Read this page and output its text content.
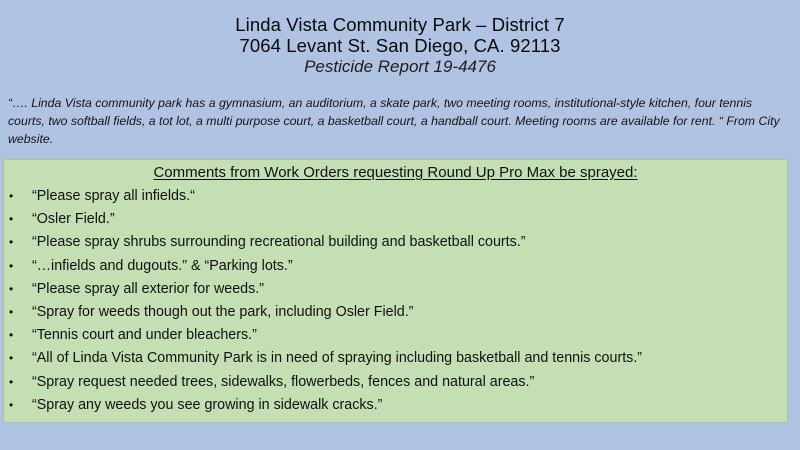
Linda Vista Community Park – District 7
7064 Levant St. San Diego, CA. 92113
Pesticide Report 19-4476
“…. Linda Vista community park has a gymnasium, an auditorium, a skate park, two meeting rooms, institutional-style kitchen, four tennis courts, two softball fields, a tot lot, a multi purpose court, a basketball court, a handball court. Meeting rooms are available for rent. “ From City website.
Comments from Work Orders requesting Round Up Pro Max be sprayed:
• “Please spray all infields.“
• “Osler Field.”
• “Please spray shrubs surrounding recreational building and basketball courts.”
• “…infields and dugouts.” & “Parking lots.”
• “Please spray all exterior for weeds.”
• “Spray for weeds though out the park, including Osler Field.”
• “Tennis court and under bleachers.”
• “All of Linda Vista Community Park is in need of spraying including basketball and tennis courts.”
• “Spray request needed trees, sidewalks, flowerbeds, fences and natural areas.”
• “Spray any weeds you see growing in sidewalk cracks.”
